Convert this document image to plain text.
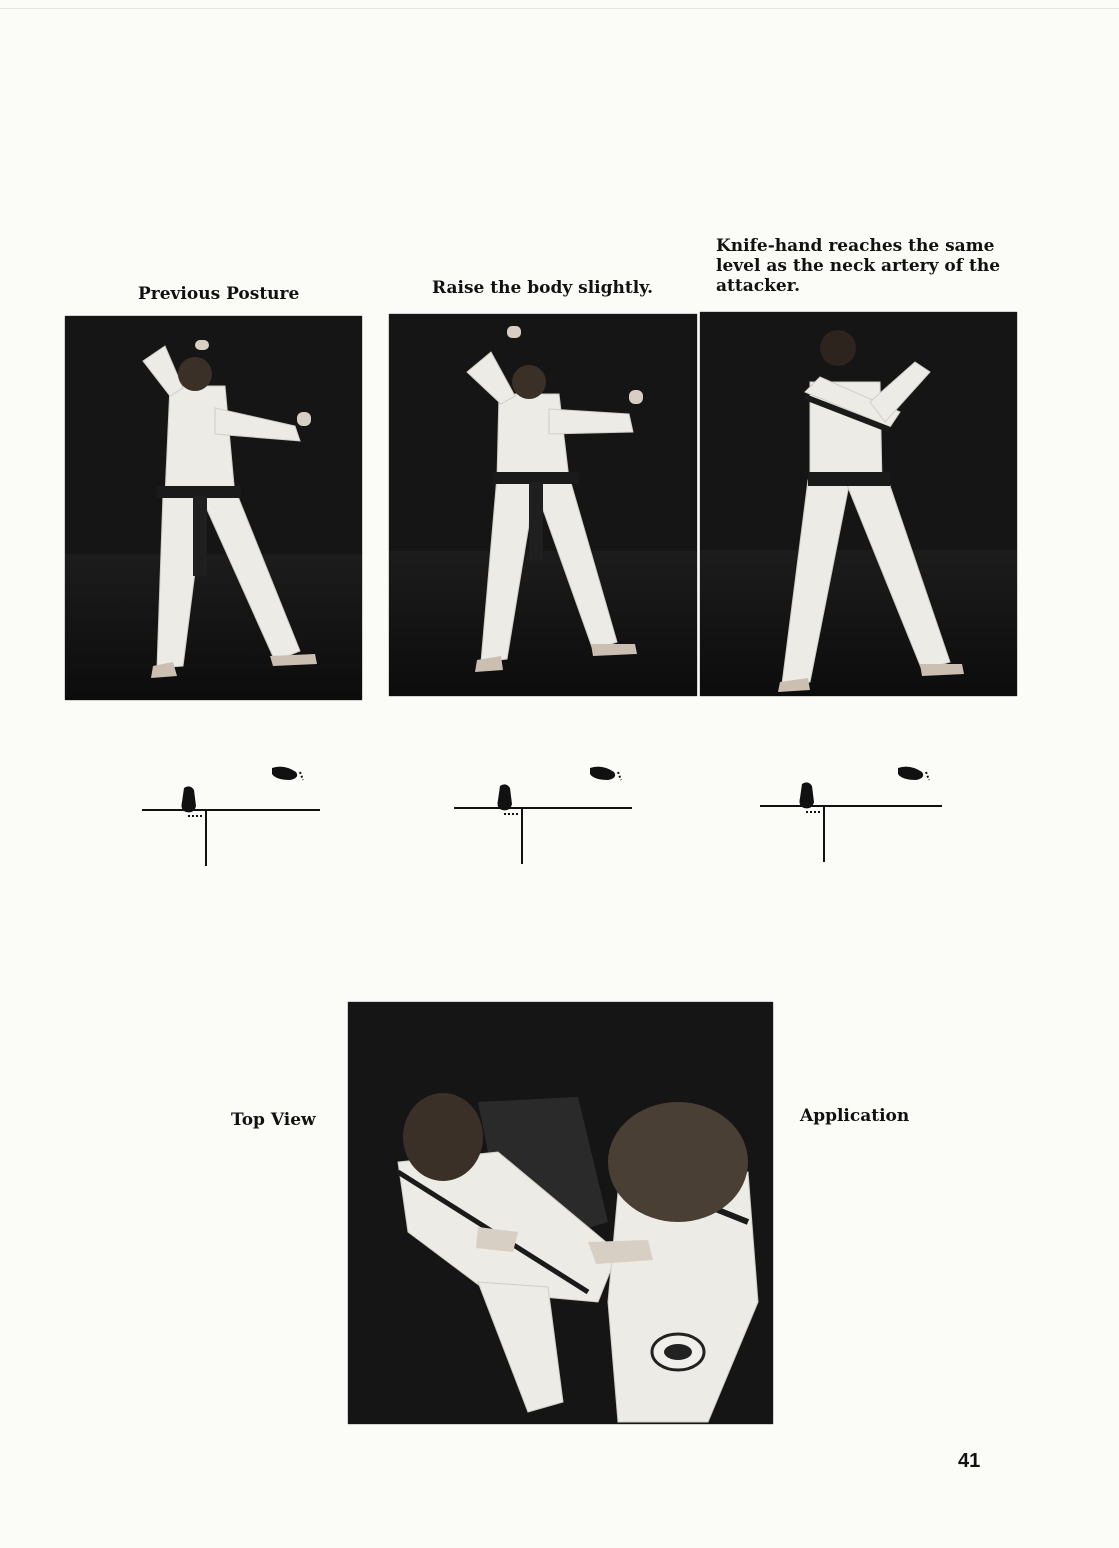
Previous Posture	Raise the body slightly.
Knife-hand reaches the same
level as the neck artery of the
attacker.
Top View	Application
41
